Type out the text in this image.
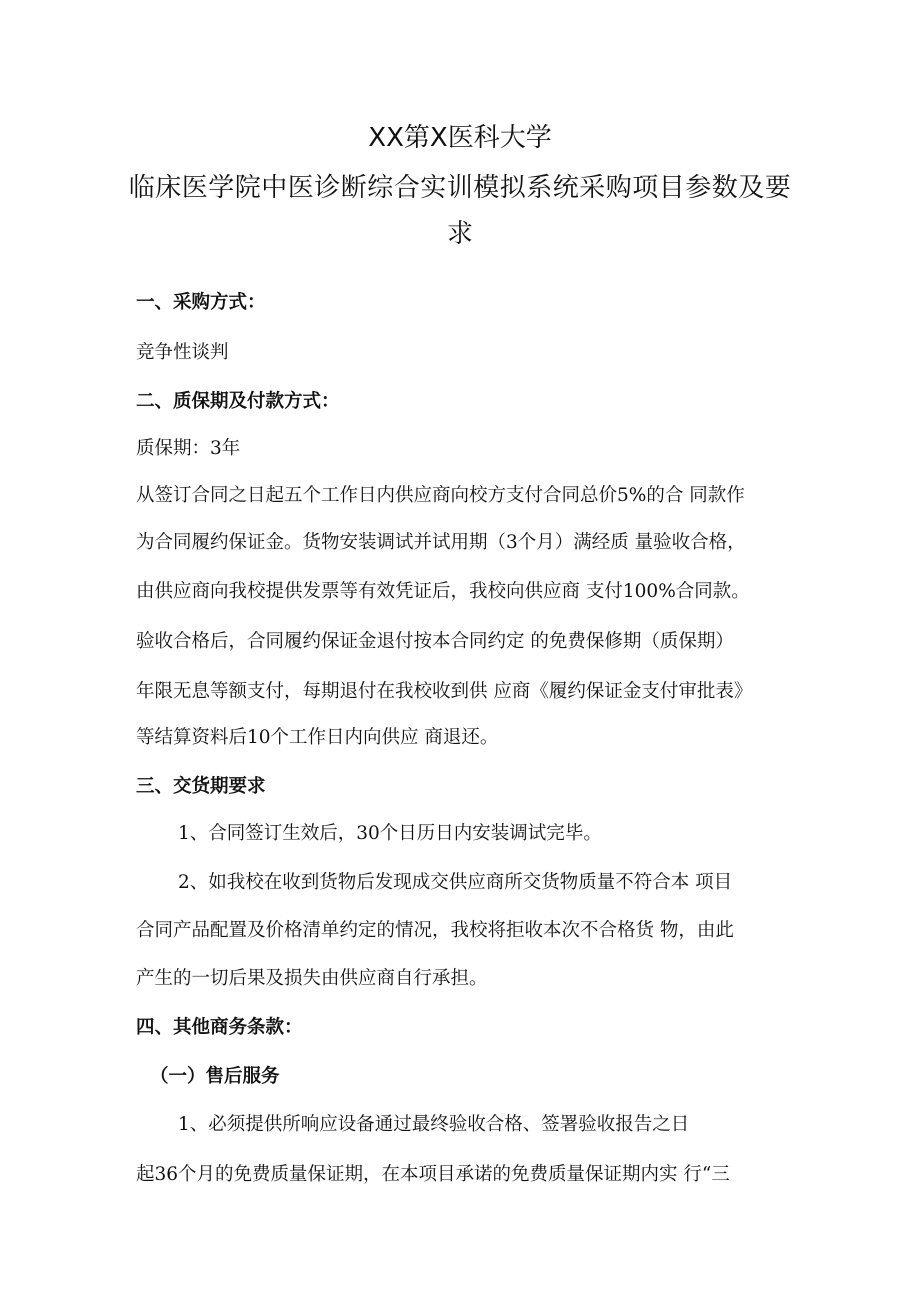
XX第X医科大学
临床医学院中医诊断综合实训模拟系统采购项目参数及要
求
一、采购方式：
竞争性谈判
二、质保期及付款方式：
质保期：3年
从签订合同之日起五个工作日内供应商向校方支付合同总价5%的合 同款作
为合同履约保证金。货物安装调试并试用期（3个月）满经质 量验收合格，
由供应商向我校提供发票等有效凭证后，我校向供应商 支付100%合同款。
验收合格后，合同履约保证金退付按本合同约定 的免费保修期（质保期）
年限无息等额支付，每期退付在我校收到供 应商《履约保证金支付审批表》
等结算资料后10个工作日内向供应 商退还。
三、交货期要求
1、合同签订生效后，30个日历日内安装调试完毕。
2、如我校在收到货物后发现成交供应商所交货物质量不符合本 项目
合同产品配置及价格清单约定的情况，我校将拒收本次不合格货 物，由此
产生的一切后果及损失由供应商自行承担。
四、其他商务条款：
（一）售后服务
1、必须提供所响应设备通过最终验收合格、签署验收报告之日
起36个月的免费质量保证期，在本项目承诺的免费质量保证期内实 行“三
